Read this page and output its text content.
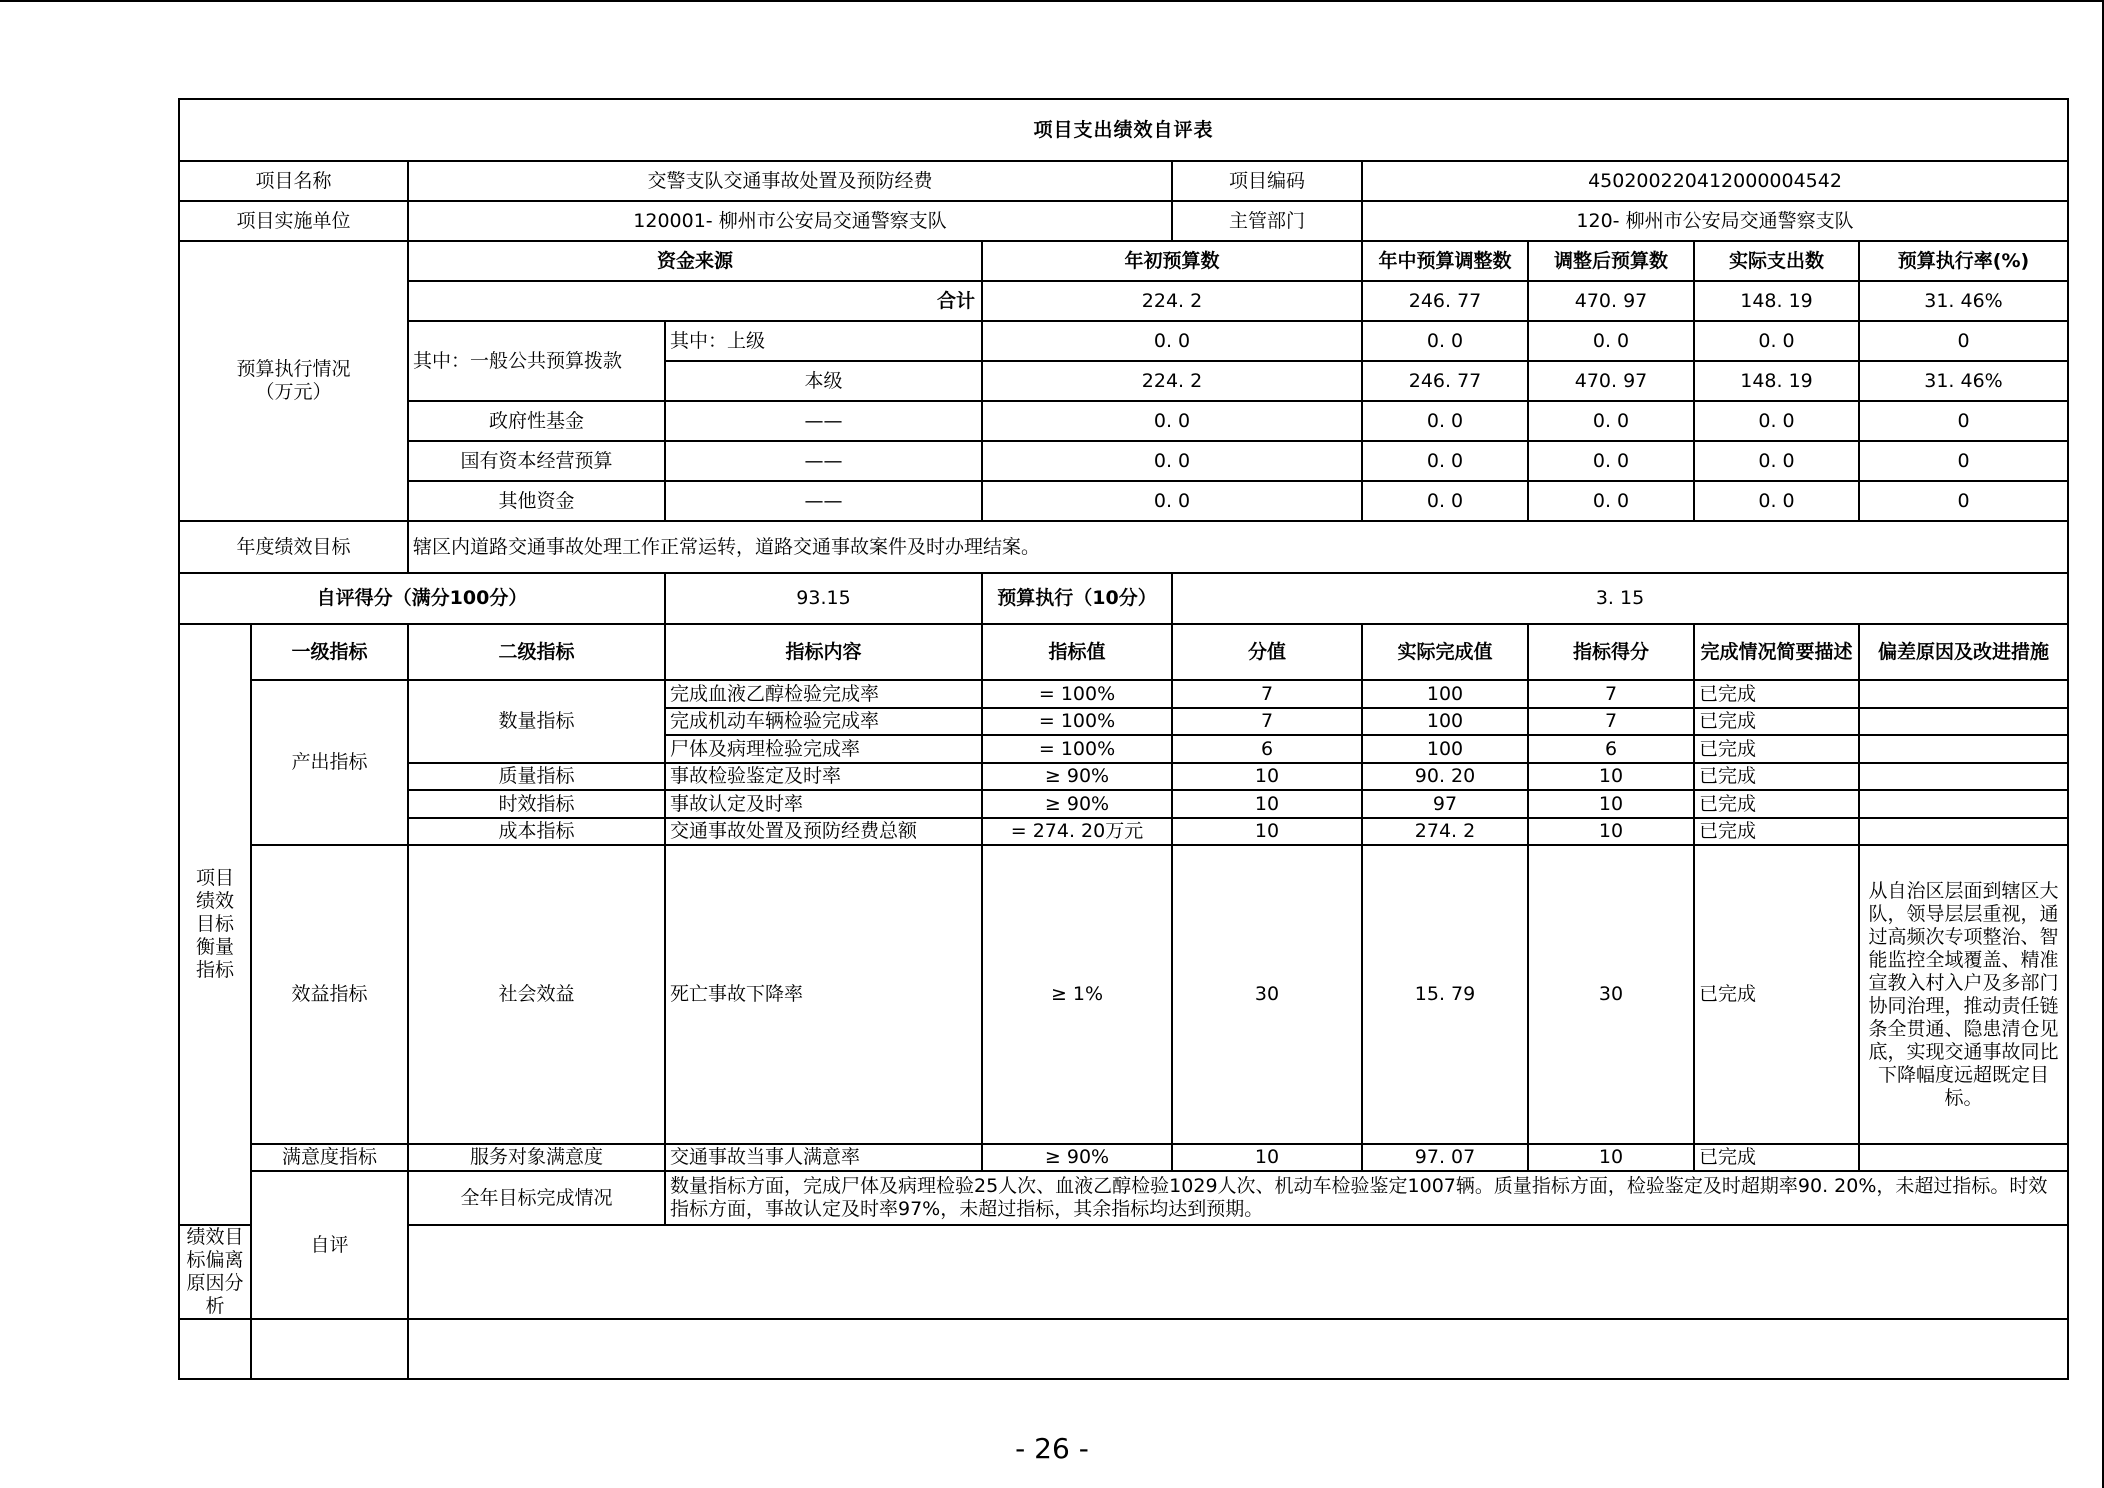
项目支出绩效自评表									
项目名称		交警支队交通事故处置及预防经费			项目编码	450200220412000004542			
项目实施单位		120001- 柳州市公安局交通警察支队			主管部门	120- 柳州市公安局交通警察支队			
预算执行情况
（万元）		资金来源		年初预算数		年中预算调整数	调整后预算数	实际支出数	预算执行率(%)
		合计		224. 2		246. 77	470. 97	148. 19	31. 46%
		其中：一般公共预算拨款	其中：上级	0. 0		0. 0	0. 0	0. 0	0
			本级	224. 2		246. 77	470. 97	148. 19	31. 46%
		政府性基金	——	0. 0		0. 0	0. 0	0. 0	0
		国有资本经营预算	——	0. 0		0. 0	0. 0	0. 0	0
		其他资金	——	0. 0		0. 0	0. 0	0. 0	0
年度绩效目标		辖区内道路交通事故处理工作正常运转，道路交通事故案件及时办理结案。							
自评得分（满分100分）			93.15	预算执行（10分）	3. 15				
项目
绩效
目标
衡量
指标	一级指标	二级指标	指标内容	指标值	分值	实际完成值	指标得分	完成情况简要描述	偏差原因及改进措施
	产出指标	数量指标	完成血液乙醇检验完成率	= 100%	7	100	7	已完成	
			完成机动车辆检验完成率	= 100%	7	100	7	已完成	
			尸体及病理检验完成率	= 100%	6	100	6	已完成	
		质量指标	事故检验鉴定及时率	≥ 90%	10	90. 20	10	已完成	
		时效指标	事故认定及时率	≥ 90%	10	97	10	已完成	
		成本指标	交通事故处置及预防经费总额	= 274. 20万元	10	274. 2	10	已完成	
	效益指标	社会效益	死亡事故下降率	≥ 1%	30	15. 79	30	已完成	从自治区层面到辖区大队，领导层层重视，通过高频次专项整治、智能监控全域覆盖、精准宣教入村入户及多部门协同治理，推动责任链条全贯通、隐患清仓见底，实现交通事故同比下降幅度远超既定目标。
	满意度指标	服务对象满意度	交通事故当事人满意率	≥ 90%	10	97. 07	10	已完成	
	自评	全年目标完成情况	数量指标方面，完成尸体及病理检验25人次、血液乙醇检验1029人次、机动车检验鉴定1007辆。质量指标方面，检验鉴定及时超期率90. 20%，未超过指标。时效指标方面，事故认定及时率97%，未超过指标，其余指标均达到预期。						
绩效目标偏离原因分析									

- 26 -
